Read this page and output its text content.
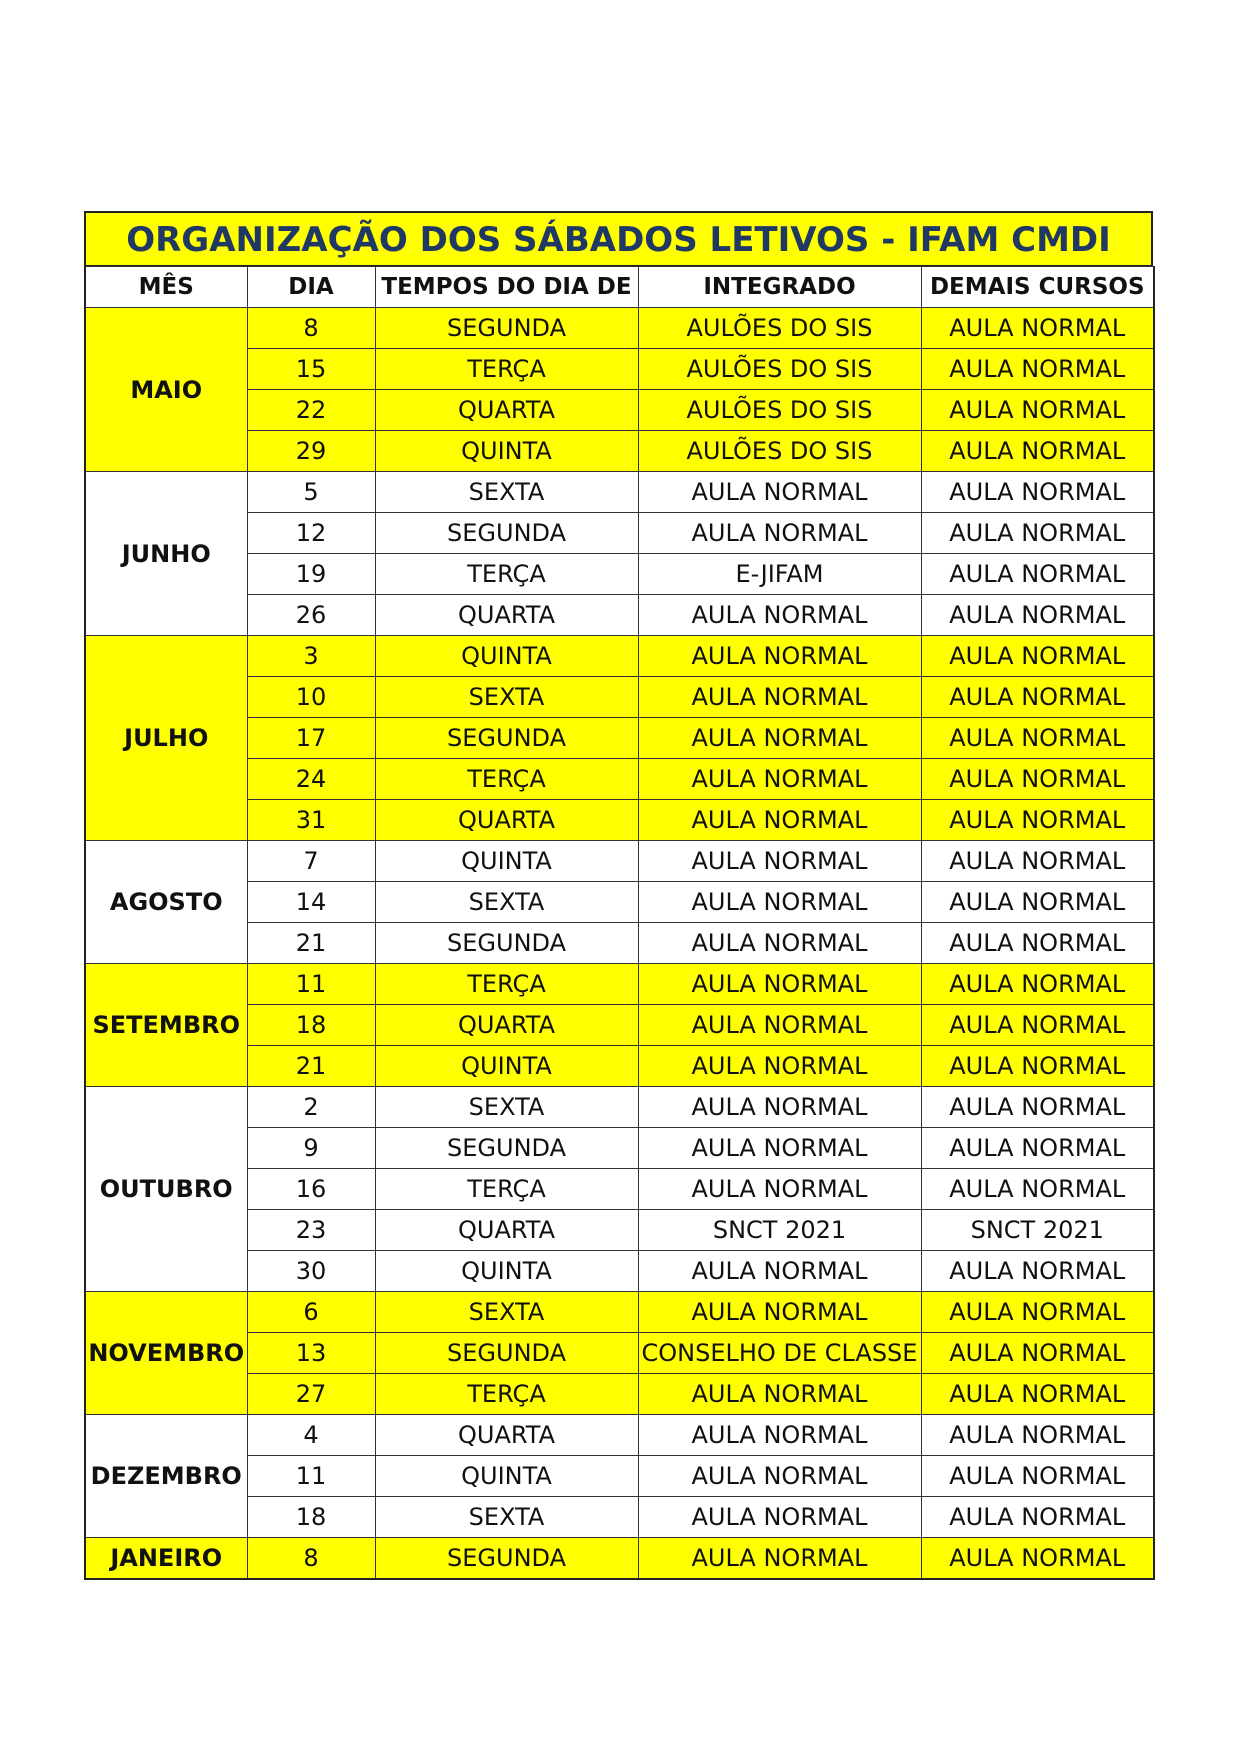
ORGANIZAÇÃO DOS SÁBADOS LETIVOS - IFAM CMDI
MÊS	DIA	TEMPOS DO DIA DE	INTEGRADO	DEMAIS CURSOS
MAIO	8	SEGUNDA	AULÕES DO SIS	AULA NORMAL
	15	TERÇA	AULÕES DO SIS	AULA NORMAL
	22	QUARTA	AULÕES DO SIS	AULA NORMAL
	29	QUINTA	AULÕES DO SIS	AULA NORMAL
JUNHO	5	SEXTA	AULA NORMAL	AULA NORMAL
	12	SEGUNDA	AULA NORMAL	AULA NORMAL
	19	TERÇA	E-JIFAM	AULA NORMAL
	26	QUARTA	AULA NORMAL	AULA NORMAL
JULHO	3	QUINTA	AULA NORMAL	AULA NORMAL
	10	SEXTA	AULA NORMAL	AULA NORMAL
	17	SEGUNDA	AULA NORMAL	AULA NORMAL
	24	TERÇA	AULA NORMAL	AULA NORMAL
	31	QUARTA	AULA NORMAL	AULA NORMAL
AGOSTO	7	QUINTA	AULA NORMAL	AULA NORMAL
	14	SEXTA	AULA NORMAL	AULA NORMAL
	21	SEGUNDA	AULA NORMAL	AULA NORMAL
SETEMBRO	11	TERÇA	AULA NORMAL	AULA NORMAL
	18	QUARTA	AULA NORMAL	AULA NORMAL
	21	QUINTA	AULA NORMAL	AULA NORMAL
OUTUBRO	2	SEXTA	AULA NORMAL	AULA NORMAL
	9	SEGUNDA	AULA NORMAL	AULA NORMAL
	16	TERÇA	AULA NORMAL	AULA NORMAL
	23	QUARTA	SNCT 2021	SNCT 2021
	30	QUINTA	AULA NORMAL	AULA NORMAL
NOVEMBRO	6	SEXTA	AULA NORMAL	AULA NORMAL
	13	SEGUNDA	CONSELHO DE CLASSE	AULA NORMAL
	27	TERÇA	AULA NORMAL	AULA NORMAL
DEZEMBRO	4	QUARTA	AULA NORMAL	AULA NORMAL
	11	QUINTA	AULA NORMAL	AULA NORMAL
	18	SEXTA	AULA NORMAL	AULA NORMAL
JANEIRO	8	SEGUNDA	AULA NORMAL	AULA NORMAL
